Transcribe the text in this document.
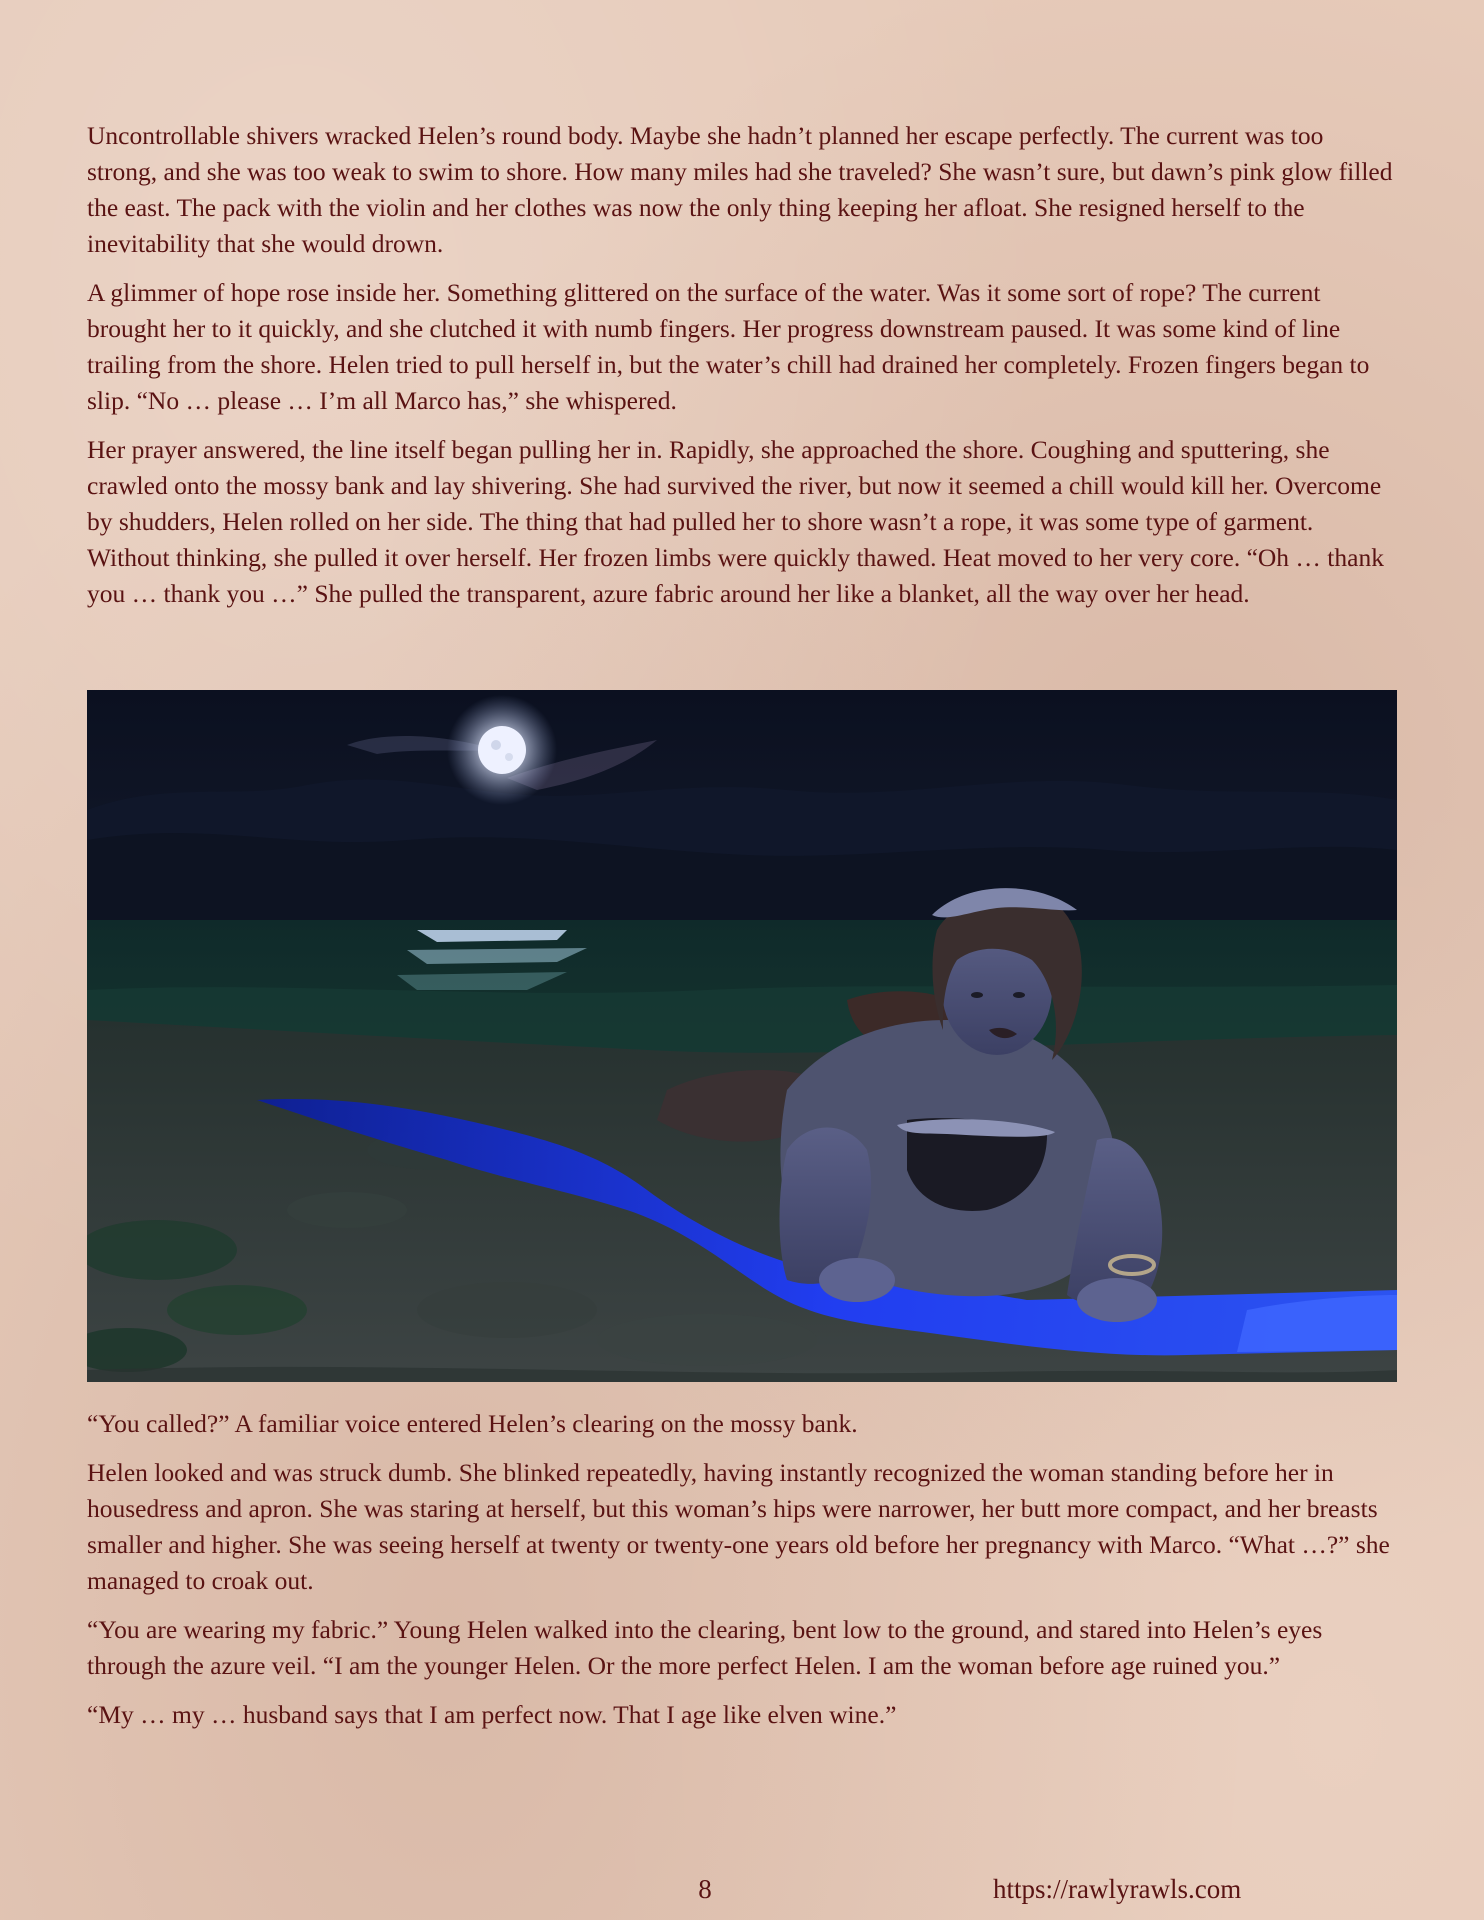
Uncontrollable shivers wracked Helen’s round body. Maybe she hadn’t planned her escape perfectly. The current was too strong, and she was too weak to swim to shore. How many miles had she traveled? She wasn’t sure, but dawn’s pink glow filled the east. The pack with the violin and her clothes was now the only thing keeping her afloat. She resigned herself to the inevitability that she would drown.

A glimmer of hope rose inside her. Something glittered on the surface of the water. Was it some sort of rope? The current brought her to it quickly, and she clutched it with numb fingers. Her progress downstream paused. It was some kind of line trailing from the shore. Helen tried to pull herself in, but the water’s chill had drained her completely. Frozen fingers began to slip. “No … please … I’m all Marco has,” she whispered.

Her prayer answered, the line itself began pulling her in. Rapidly, she approached the shore. Coughing and sputtering, she crawled onto the mossy bank and lay shivering. She had survived the river, but now it seemed a chill would kill her. Overcome by shudders, Helen rolled on her side. The thing that had pulled her to shore wasn’t a rope, it was some type of garment. Without thinking, she pulled it over herself. Her frozen limbs were quickly thawed. Heat moved to her very core. “Oh … thank you … thank you …” She pulled the transparent, azure fabric around her like a blanket, all the way over her head.

“You called?” A familiar voice entered Helen’s clearing on the mossy bank.

Helen looked and was struck dumb. She blinked repeatedly, having instantly recognized the woman standing before her in housedress and apron. She was staring at herself, but this woman’s hips were narrower, her butt more compact, and her breasts smaller and higher. She was seeing herself at twenty or twenty-one years old before her pregnancy with Marco. “What …?” she managed to croak out.

“You are wearing my fabric.” Young Helen walked into the clearing, bent low to the ground, and stared into Helen’s eyes through the azure veil. “I am the younger Helen. Or the more perfect Helen. I am the woman before age ruined you.”

“My … my … husband says that I am perfect now. That I age like elven wine.”

8	https://rawlyrawls.com
